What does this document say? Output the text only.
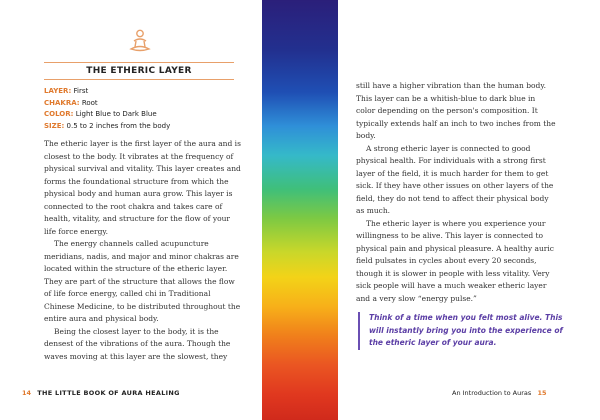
THE ETHERIC LAYER
LAYER: First
CHAKRA: Root
COLOR: Light Blue to Dark Blue
SIZE: 0.5 to 2 inches from the body

The etheric layer is the first layer of the aura and is closest to the body. It vibrates at the frequency of physical survival and vitality. This layer creates and forms the foundational structure from which the physical body and human aura grow. This layer is connected to the root chakra and takes care of health, vitality, and structure for the flow of your life force energy.

The energy channels called acupuncture meridians, nadis, and major and minor chakras are located within the structure of the etheric layer. They are part of the structure that allows the flow of life force energy, called chi in Traditional Chinese Medicine, to be distributed throughout the entire aura and physical body.

Being the closest layer to the body, it is the densest of the vibrations of the aura. Though the waves moving at this layer are the slowest, they

14 THE LITTLE BOOK OF AURA HEALING

still have a higher vibration than the human body. This layer can be a whitish-blue to dark blue in color depending on the person's composition. It typically extends half an inch to two inches from the body.

A strong etheric layer is connected to good physical health. For individuals with a strong first layer of the field, it is much harder for them to get sick. If they have other issues on other layers of the field, they do not tend to affect their physical body as much.

The etheric layer is where you experience your willingness to be alive. This layer is connected to physical pain and physical pleasure. A healthy auric field pulsates in cycles about every 20 seconds, though it is slower in people with less vitality. Very sick people will have a much weaker etheric layer and a very slow “energy pulse.”

Think of a time when you felt most alive. This will instantly bring you into the experience of the etheric layer of your aura.
An Introduction to Auras 15
